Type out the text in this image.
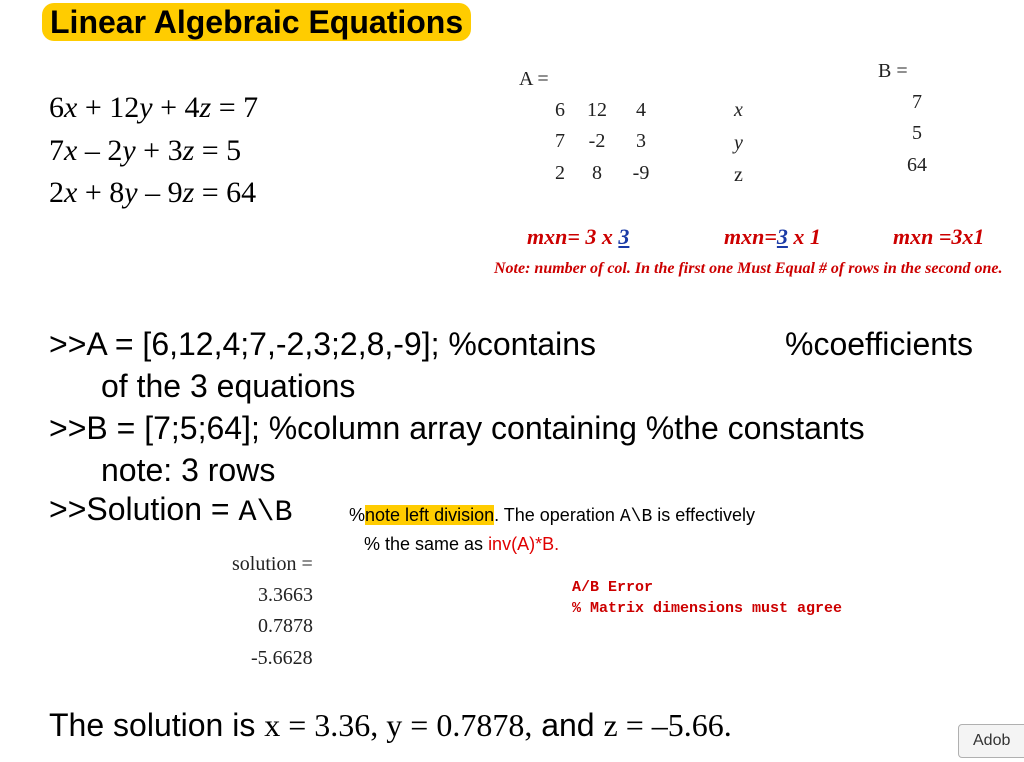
Linear Algebraic Equations
6x + 12y + 4z = 7
7x – 2y + 3z = 5
2x + 8y – 9z = 64
A =
6 12 4
7 -2 3
2 8 -9
x
y
z
B =
7
5
64
mxn= 3 x 3	mxn=3 x 1	mxn =3x1
Note: number of col. In the first one Must Equal # of rows in the second one.
>>A = [6,12,4;7,-2,3;2,8,-9]; %contains	%coefficients
of the 3 equations
>>B = [7;5;64]; %column array containing %the constants
note: 3 rows
>>Solution = A\B	%note left division. The operation A\B is effectively
% the same as inv(A)*B.
solution =
3.3663
0.7878
-5.6628
A/B Error
% Matrix dimensions must agree
The solution is x = 3.36, y = 0.7878, and z = –5.66.	Adob
